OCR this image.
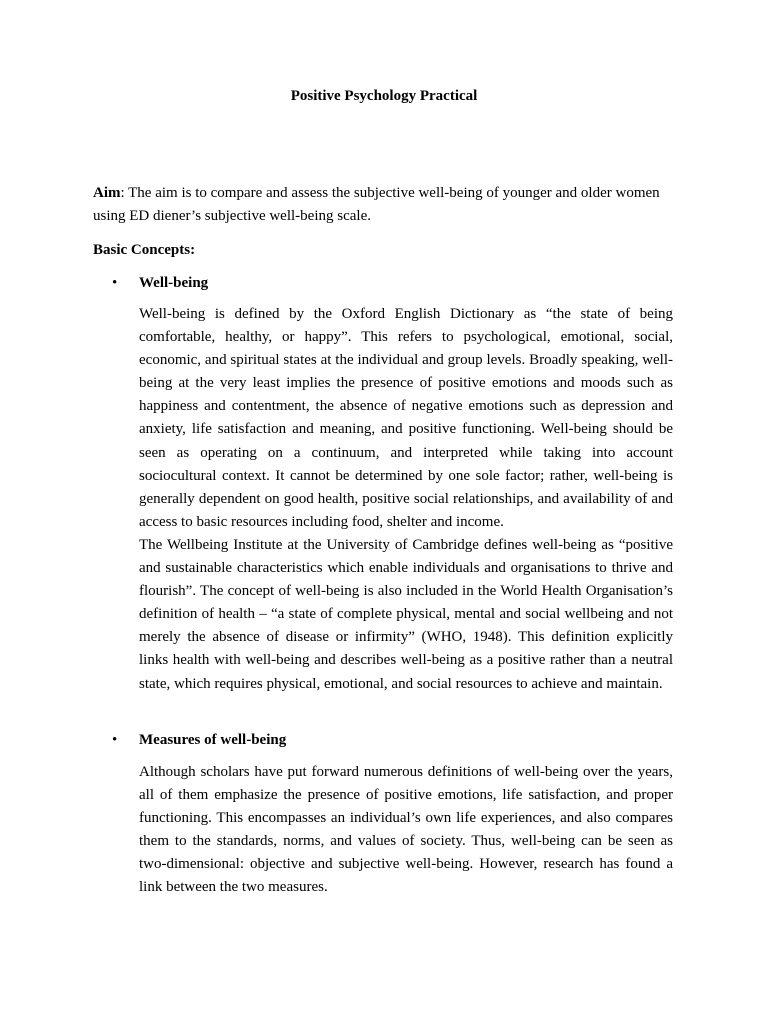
Positive Psychology Practical

Aim: The aim is to compare and assess the subjective well-being of younger and older women using ED diener’s subjective well-being scale.

Basic Concepts:

• Well-being

Well-being is defined by the Oxford English Dictionary as “the state of being comfortable, healthy, or happy”. This refers to psychological, emotional, social, economic, and spiritual states at the individual and group levels. Broadly speaking, well-being at the very least implies the presence of positive emotions and moods such as happiness and contentment, the absence of negative emotions such as depression and anxiety, life satisfaction and meaning, and positive functioning. Well-being should be seen as operating on a continuum, and interpreted while taking into account sociocultural context. It cannot be determined by one sole factor; rather, well-being is generally dependent on good health, positive social relationships, and availability of and access to basic resources including food, shelter and income.

The Wellbeing Institute at the University of Cambridge defines well-being as “positive and sustainable characteristics which enable individuals and organisations to thrive and flourish”. The concept of well-being is also included in the World Health Organisation’s definition of health – “a state of complete physical, mental and social wellbeing and not merely the absence of disease or infirmity” (WHO, 1948). This definition explicitly links health with well-being and describes well-being as a positive rather than a neutral state, which requires physical, emotional, and social resources to achieve and maintain.

• Measures of well-being

Although scholars have put forward numerous definitions of well-being over the years, all of them emphasize the presence of positive emotions, life satisfaction, and proper functioning. This encompasses an individual’s own life experiences, and also compares them to the standards, norms, and values of society. Thus, well-being can be seen as two-dimensional: objective and subjective well-being. However, research has found a link between the two measures.
